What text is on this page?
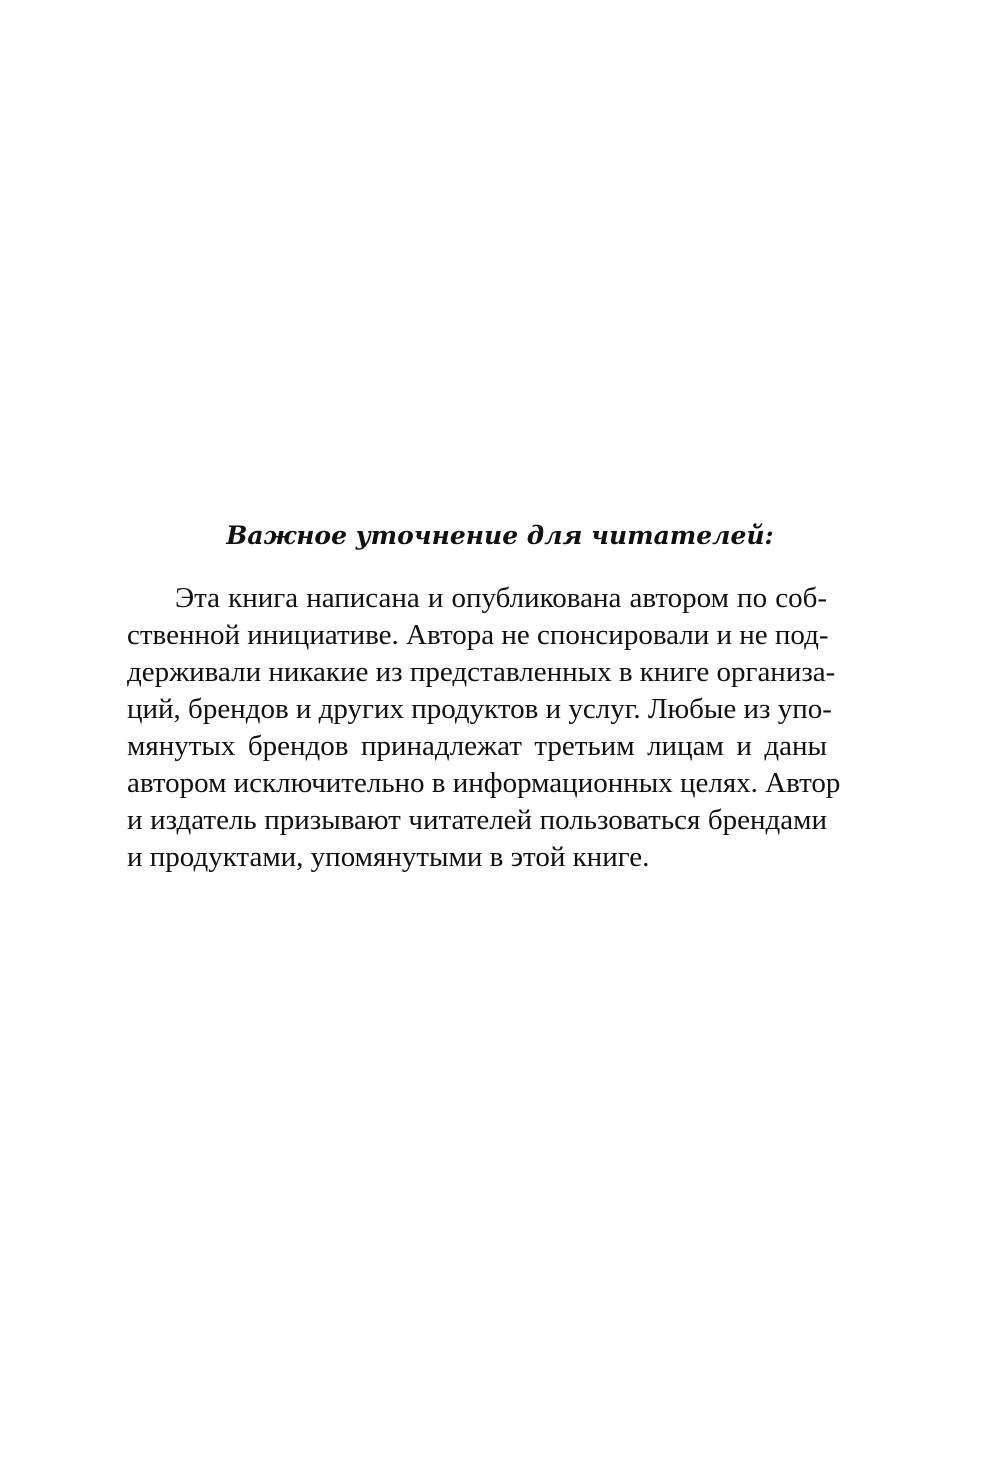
Важное уточнение для читателей:
Эта книга написана и опубликована автором по соб-
ственной инициативе. Автора не спонсировали и не под-
держивали никакие из представленных в книге организа-
ций, брендов и других продуктов и услуг. Любые из упо-
мянутых брендов принадлежат третьим лицам и даны
автором исключительно в информационных целях. Автор
и издатель призывают читателей пользоваться брендами
и продуктами, упомянутыми в этой книге.
